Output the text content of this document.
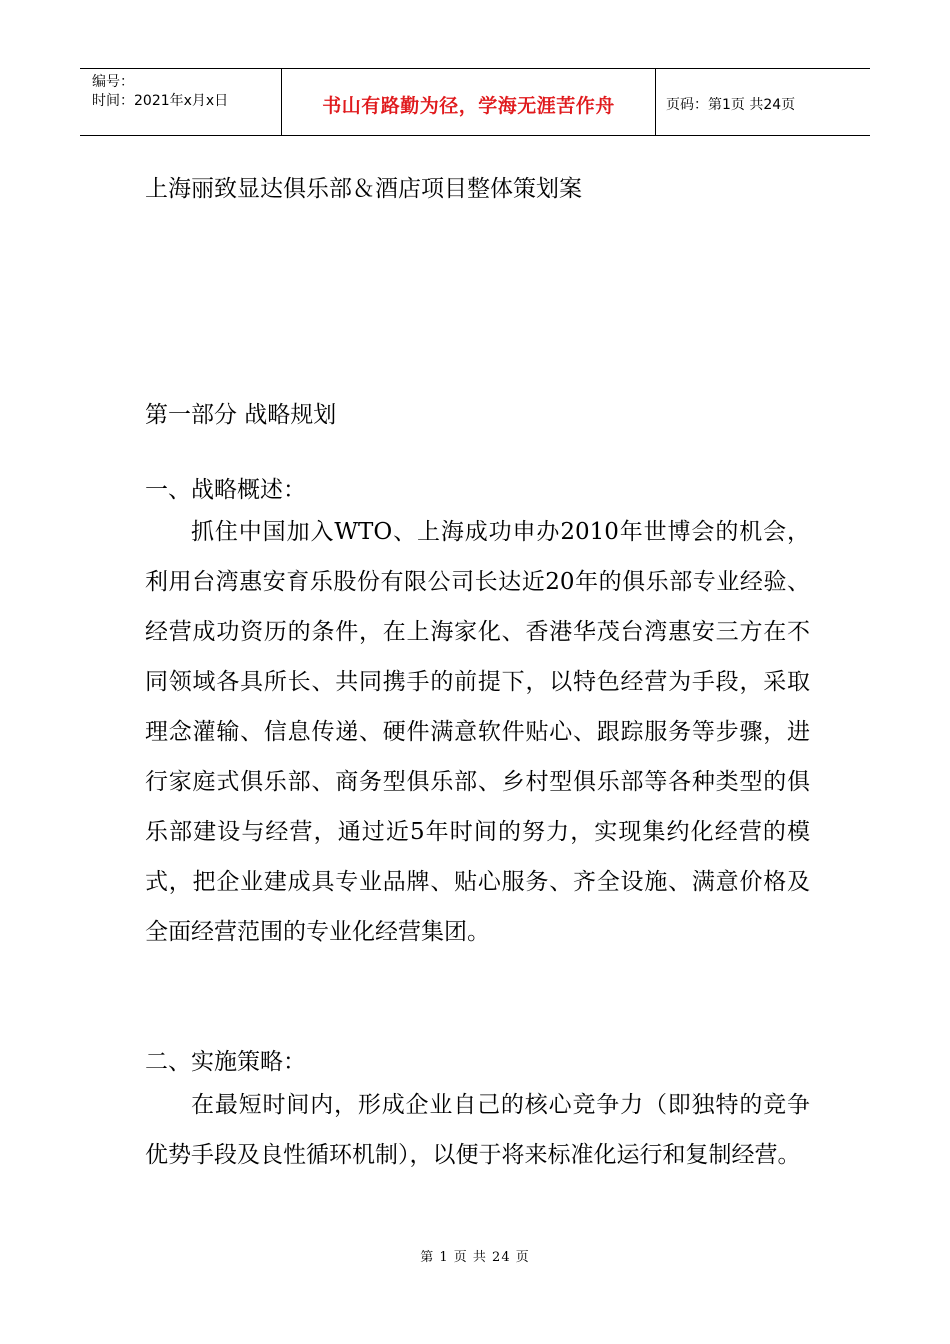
编号：
时间：2021年x月x日	书山有路勤为径，学海无涯苦作舟	页码：第1页 共24页
上海丽致显达俱乐部＆酒店项目整体策划案
第一部分 战略规划
一、战略概述：
抓住中国加入WTO、上海成功申办2010年世博会的机会，利用台湾惠安育乐股份有限公司长达近20年的俱乐部专业经验、经营成功资历的条件，在上海家化、香港华茂台湾惠安三方在不同领域各具所长、共同携手的前提下，以特色经营为手段，采取理念灌输、信息传递、硬件满意软件贴心、跟踪服务等步骤，进行家庭式俱乐部、商务型俱乐部、乡村型俱乐部等各种类型的俱乐部建设与经营，通过近5年时间的努力，实现集约化经营的模式，把企业建成具专业品牌、贴心服务、齐全设施、满意价格及全面经营范围的专业化经营集团。
二、实施策略：
在最短时间内，形成企业自己的核心竞争力（即独特的竞争优势手段及良性循环机制），以便于将来标准化运行和复制经营。
第 1 页 共 24 页
